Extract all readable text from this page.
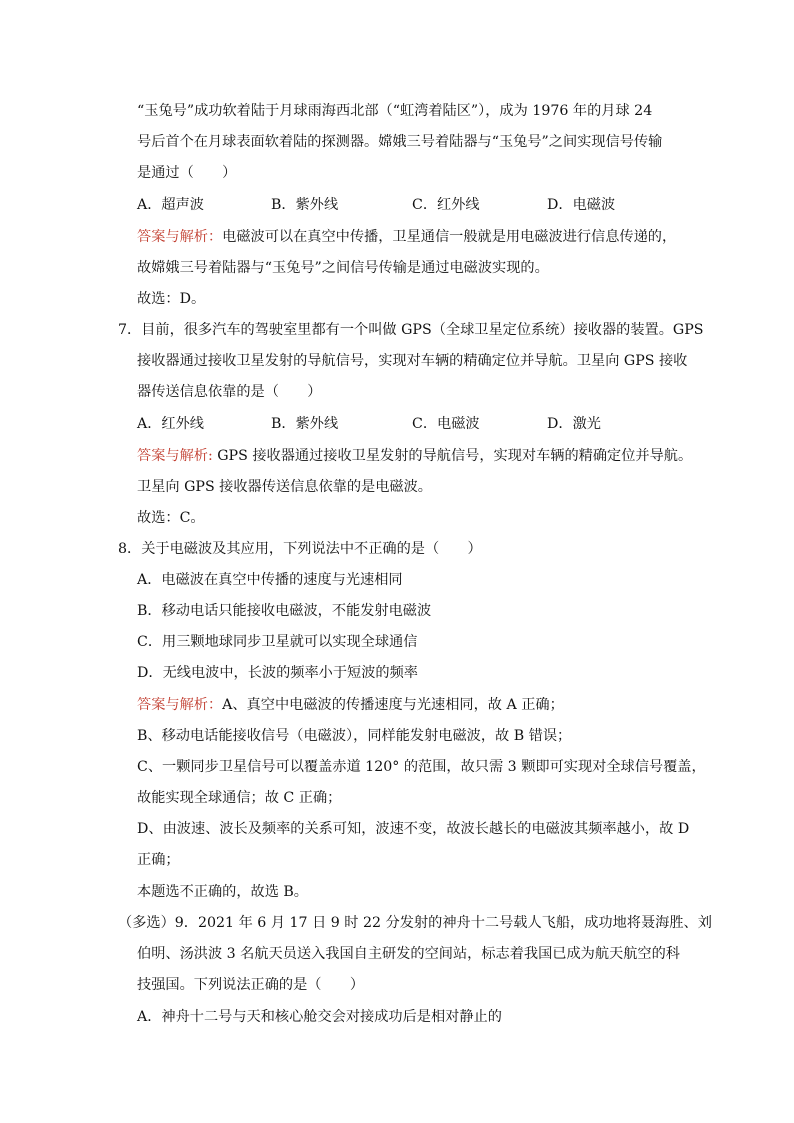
“玉兔号”成功软着陆于月球雨海西北部（“虹湾着陆区”），成为 1976 年的月球 24

号后首个在月球表面软着陆的探测器。嫦娥三号着陆器与“玉兔号”之间实现信号传输

是通过（　　）

A．超声波	B．紫外线	C．红外线	D．电磁波

答案与解析：电磁波可以在真空中传播，卫星通信一般就是用电磁波进行信息传递的，

故嫦娥三号着陆器与“玉兔号”之间信号传输是通过电磁波实现的。

故选：D。

7．目前，很多汽车的驾驶室里都有一个叫做 GPS（全球卫星定位系统）接收器的装置。GPS

接收器通过接收卫星发射的导航信号，实现对车辆的精确定位并导航。卫星向 GPS 接收

器传送信息依靠的是（　　）

A．红外线	B．紫外线	C．电磁波	D．激光

答案与解析: GPS 接收器通过接收卫星发射的导航信号，实现对车辆的精确定位并导航。

卫星向 GPS 接收器传送信息依靠的是电磁波。

故选：C。

8．关于电磁波及其应用，下列说法中不正确的是（　　）

A．电磁波在真空中传播的速度与光速相同

B．移动电话只能接收电磁波，不能发射电磁波

C．用三颗地球同步卫星就可以实现全球通信

D．无线电波中，长波的频率小于短波的频率

答案与解析：A、真空中电磁波的传播速度与光速相同，故 A 正确；

B、移动电话能接收信号（电磁波），同样能发射电磁波，故 B 错误；

C、一颗同步卫星信号可以覆盖赤道 120° 的范围，故只需 3 颗即可实现对全球信号覆盖，

故能实现全球通信；故 C 正确；

D、由波速、波长及频率的关系可知，波速不变，故波长越长的电磁波其频率越小，故 D

正确；

本题选不正确的，故选 B。

（多选）9．2021 年 6 月 17 日 9 时 22 分发射的神舟十二号载人飞船，成功地将聂海胜、刘

伯明、汤洪波 3 名航天员送入我国自主研发的空间站，标志着我国已成为航天航空的科

技强国。下列说法正确的是（　　）

A．神舟十二号与天和核心舱交会对接成功后是相对静止的
